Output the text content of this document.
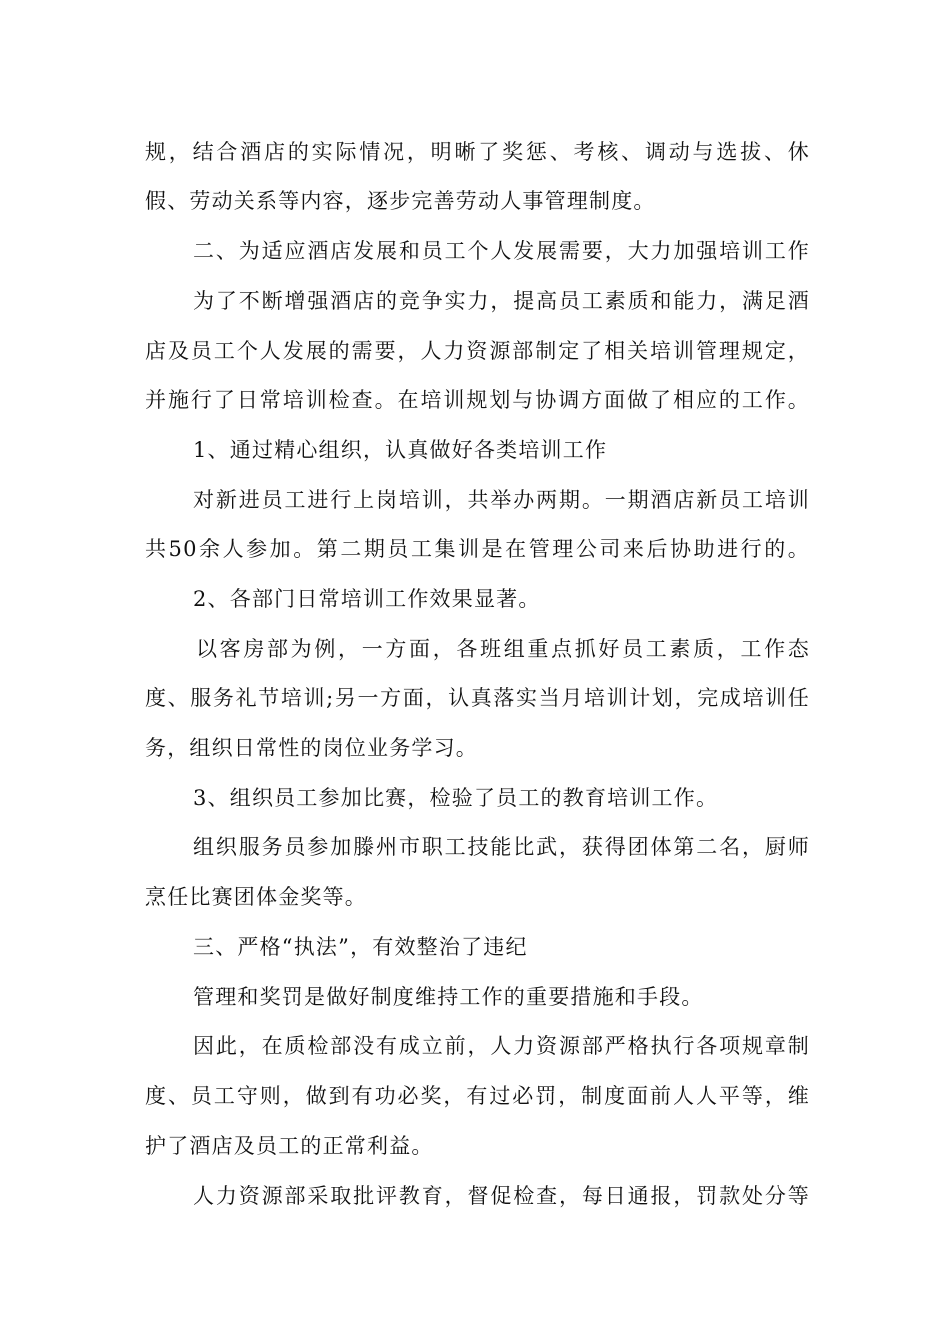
规，结合酒店的实际情况，明晰了奖惩、考核、调动与选拔、休
假、劳动关系等内容，逐步完善劳动人事管理制度。
二、为适应酒店发展和员工个人发展需要，大力加强培训工作
为了不断增强酒店的竞争实力，提高员工素质和能力，满足酒
店及员工个人发展的需要，人力资源部制定了相关培训管理规定，
并施行了日常培训检查。在培训规划与协调方面做了相应的工作。
1、通过精心组织，认真做好各类培训工作
对新进员工进行上岗培训，共举办两期。一期酒店新员工培训
共50余人参加。第二期员工集训是在管理公司来后协助进行的。
2、各部门日常培训工作效果显著。
以客房部为例，一方面，各班组重点抓好员工素质，工作态
度、服务礼节培训;另一方面，认真落实当月培训计划，完成培训任
务，组织日常性的岗位业务学习。
3、组织员工参加比赛，检验了员工的教育培训工作。
组织服务员参加滕州市职工技能比武，获得团体第二名，厨师
烹任比赛团体金奖等。
三、严格“执法”，有效整治了违纪
管理和奖罚是做好制度维持工作的重要措施和手段。
因此，在质检部没有成立前，人力资源部严格执行各项规章制
度、员工守则，做到有功必奖，有过必罚，制度面前人人平等，维
护了酒店及员工的正常利益。
人力资源部采取批评教育，督促检查，每日通报，罚款处分等
